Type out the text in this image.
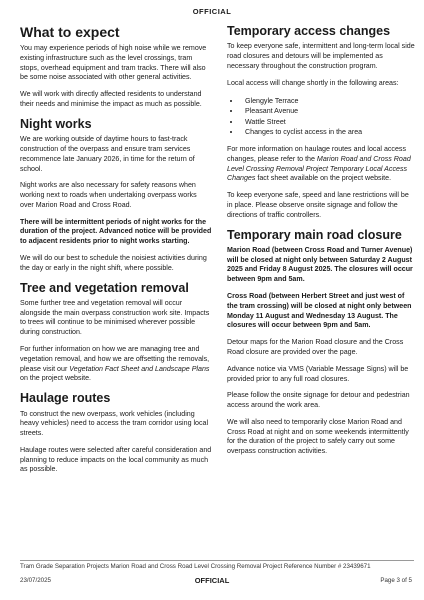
OFFICIAL
What to expect

You may experience periods of high noise while we remove existing infrastructure such as the level crossings, tram stops, overhead equipment and tram tracks. There will also be some noise associated with other general activities.

We will work with directly affected residents to understand their needs and minimise the impact as much as possible.

Night works

We are working outside of daytime hours to fast-track construction of the overpass and ensure tram services recommence late January 2026, in time for the return of school.

Night works are also necessary for safety reasons when working next to roads when undertaking overpass works over Marion Road and Cross Road.

There will be intermittent periods of night works for the duration of the project. Advanced notice will be provided to adjacent residents prior to night works starting.

We will do our best to schedule the noisiest activities during the day or early in the night shift, where possible.

Tree and vegetation removal

Some further tree and vegetation removal will occur alongside the main overpass construction work site. Impacts to trees will continue to be minimised wherever possible during construction.

For further information on how we are managing tree and vegetation removal, and how we are offsetting the removals, please visit our Vegetation Fact Sheet and Landscape Plans on the project website.

Haulage routes

To construct the new overpass, work vehicles (including heavy vehicles) need to access the tram corridor using local streets.

Haulage routes were selected after careful consideration and planning to reduce impacts on the local community as much as possible.

Temporary access changes

To keep everyone safe, intermittent and long-term local side road closures and detours will be implemented as necessary throughout the construction program.

Local access will change shortly in the following areas:

• Glengyle Terrace
• Pleasant Avenue
• Wattle Street
• Changes to cyclist access in the area

For more information on haulage routes and local access changes, please refer to the Marion Road and Cross Road Level Crossing Removal Project Temporary Local Access Changes fact sheet available on the project website.

To keep everyone safe, speed and lane restrictions will be in place. Please observe onsite signage and follow the directions of traffic controllers.

Temporary main road closure

Marion Road (between Cross Road and Turner Avenue) will be closed at night only between Saturday 2 August 2025 and Friday 8 August 2025. The closures will occur between 9pm and 5am.

Cross Road (between Herbert Street and just west of the tram crossing) will be closed at night only between Monday 11 August and Wednesday 13 August. The closures will occur between 9pm and 5am.

Detour maps for the Marion Road closure and the Cross Road closure are provided over the page.

Advance notice via VMS (Variable Message Signs) will be provided prior to any full road closures.

Please follow the onsite signage for detour and pedestrian access around the work area.

We will also need to temporarily close Marion Road and Cross Road at night and on some weekends intermittently for the duration of the project to safely carry out some overpass construction activities.

Tram Grade Separation Projects Marion Road and Cross Road Level Crossing Removal Project Reference Number # 23439671
23/07/2025	OFFICIAL	Page 3 of 5
